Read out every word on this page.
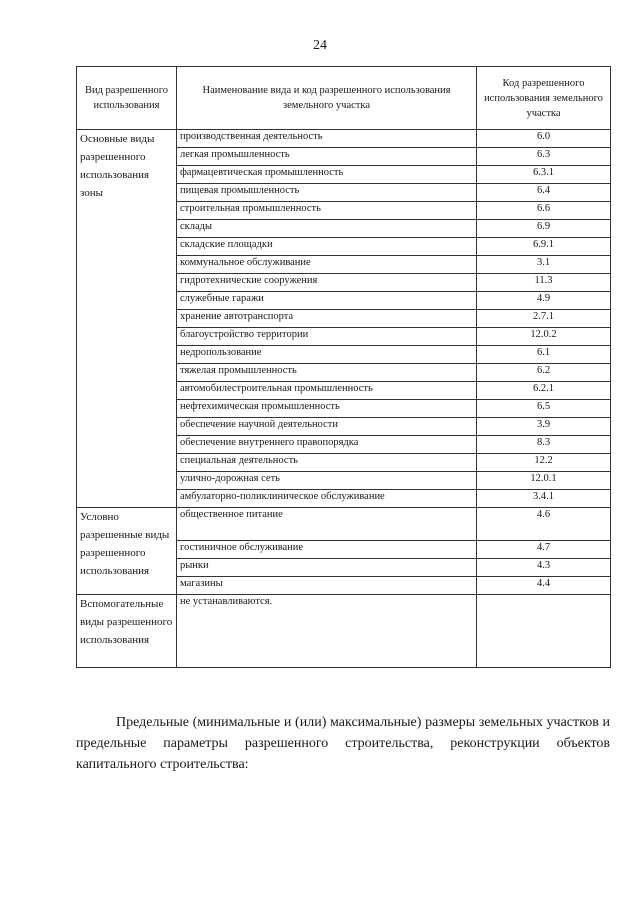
24
Вид разрешенного использования	Наименование вида и код разрешенного использования земельного участка	Код разрешенного использования земельного участка
Основные виды разрешенного использования зоны	производственная деятельность	6.0
	легкая промышленность	6.3
	фармацевтическая промышленность	6.3.1
	пищевая промышленность	6.4
	строительная промышленность	6.6
	склады	6.9
	складские площадки	6.9.1
	коммунальное обслуживание	3.1
	гидротехнические сооружения	11.3
	служебные гаражи	4.9
	хранение автотранспорта	2.7.1
	благоустройство территории	12.0.2
	недропользование	6.1
	тяжелая промышленность	6.2
	автомобилестроительная промышленность	6.2.1
	нефтехимическая промышленность	6.5
	обеспечение научной деятельности	3.9
	обеспечение внутреннего правопорядка	8.3
	специальная деятельность	12.2
	улично-дорожная сеть	12.0.1
	амбулаторно-поликлиническое обслуживание	3.4.1
Условно разрешенные виды разрешенного использования	общественное питание	4.6
	гостиничное обслуживание	4.7
	рынки	4.3
	магазины	4.4
Вспомогательные виды разрешенного использования	не устанавливаются.	

Предельные (минимальные и (или) максимальные) размеры земельных участков и предельные параметры разрешенного строительства, реконструкции объектов капитального строительства:
